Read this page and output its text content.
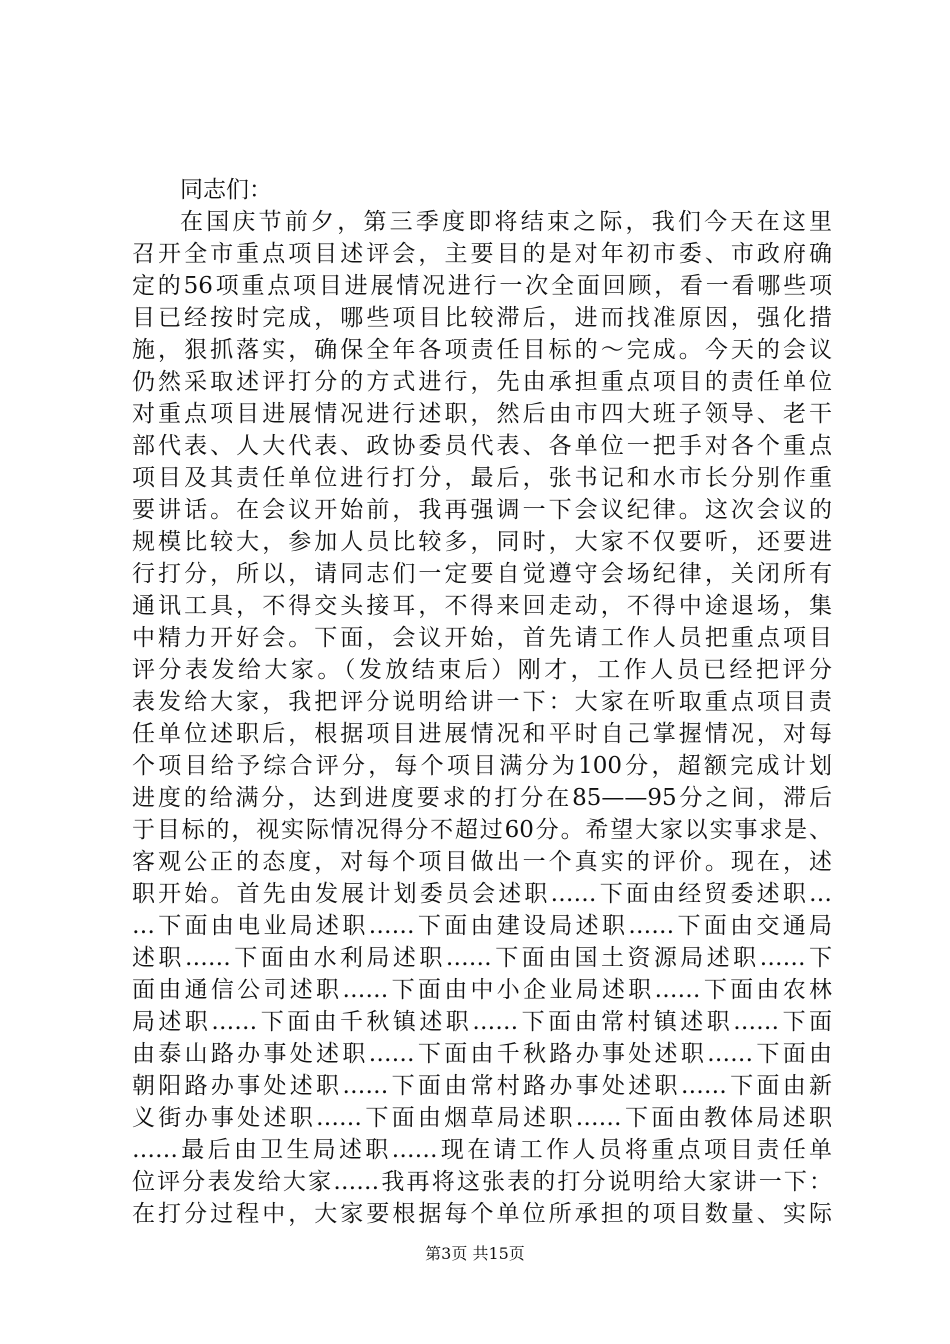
同志们：
在国庆节前夕，第三季度即将结束之际，我们今天在这里
召开全市重点项目述评会，主要目的是对年初市委、市政府确
定的56项重点项目进展情况进行一次全面回顾，看一看哪些项
目已经按时完成，哪些项目比较滞后，进而找准原因，强化措
施，狠抓落实，确保全年各项责任目标的～完成。今天的会议
仍然采取述评打分的方式进行，先由承担重点项目的责任单位
对重点项目进展情况进行述职，然后由市四大班子领导、老干
部代表、人大代表、政协委员代表、各单位一把手对各个重点
项目及其责任单位进行打分，最后，张书记和水市长分别作重
要讲话。在会议开始前，我再强调一下会议纪律。这次会议的
规模比较大，参加人员比较多，同时，大家不仅要听，还要进
行打分，所以，请同志们一定要自觉遵守会场纪律，关闭所有
通讯工具，不得交头接耳，不得来回走动，不得中途退场，集
中精力开好会。下面，会议开始，首先请工作人员把重点项目
评分表发给大家。（发放结束后）刚才，工作人员已经把评分
表发给大家，我把评分说明给讲一下：大家在听取重点项目责
任单位述职后，根据项目进展情况和平时自己掌握情况，对每
个项目给予综合评分，每个项目满分为100分，超额完成计划
进度的给满分，达到进度要求的打分在85——95分之间，滞后
于目标的，视实际情况得分不超过60分。希望大家以实事求是、
客观公正的态度，对每个项目做出一个真实的评价。现在，述
职开始。首先由发展计划委员会述职……下面由经贸委述职…
…下面由电业局述职……下面由建设局述职……下面由交通局
述职……下面由水利局述职……下面由国土资源局述职……下
面由通信公司述职……下面由中小企业局述职……下面由农林
局述职……下面由千秋镇述职……下面由常村镇述职……下面
由泰山路办事处述职……下面由千秋路办事处述职……下面由
朝阳路办事处述职……下面由常村路办事处述职……下面由新
义街办事处述职……下面由烟草局述职……下面由教体局述职
……最后由卫生局述职……现在请工作人员将重点项目责任单
位评分表发给大家……我再将这张表的打分说明给大家讲一下：
在打分过程中，大家要根据每个单位所承担的项目数量、实际
第3页 共15页
